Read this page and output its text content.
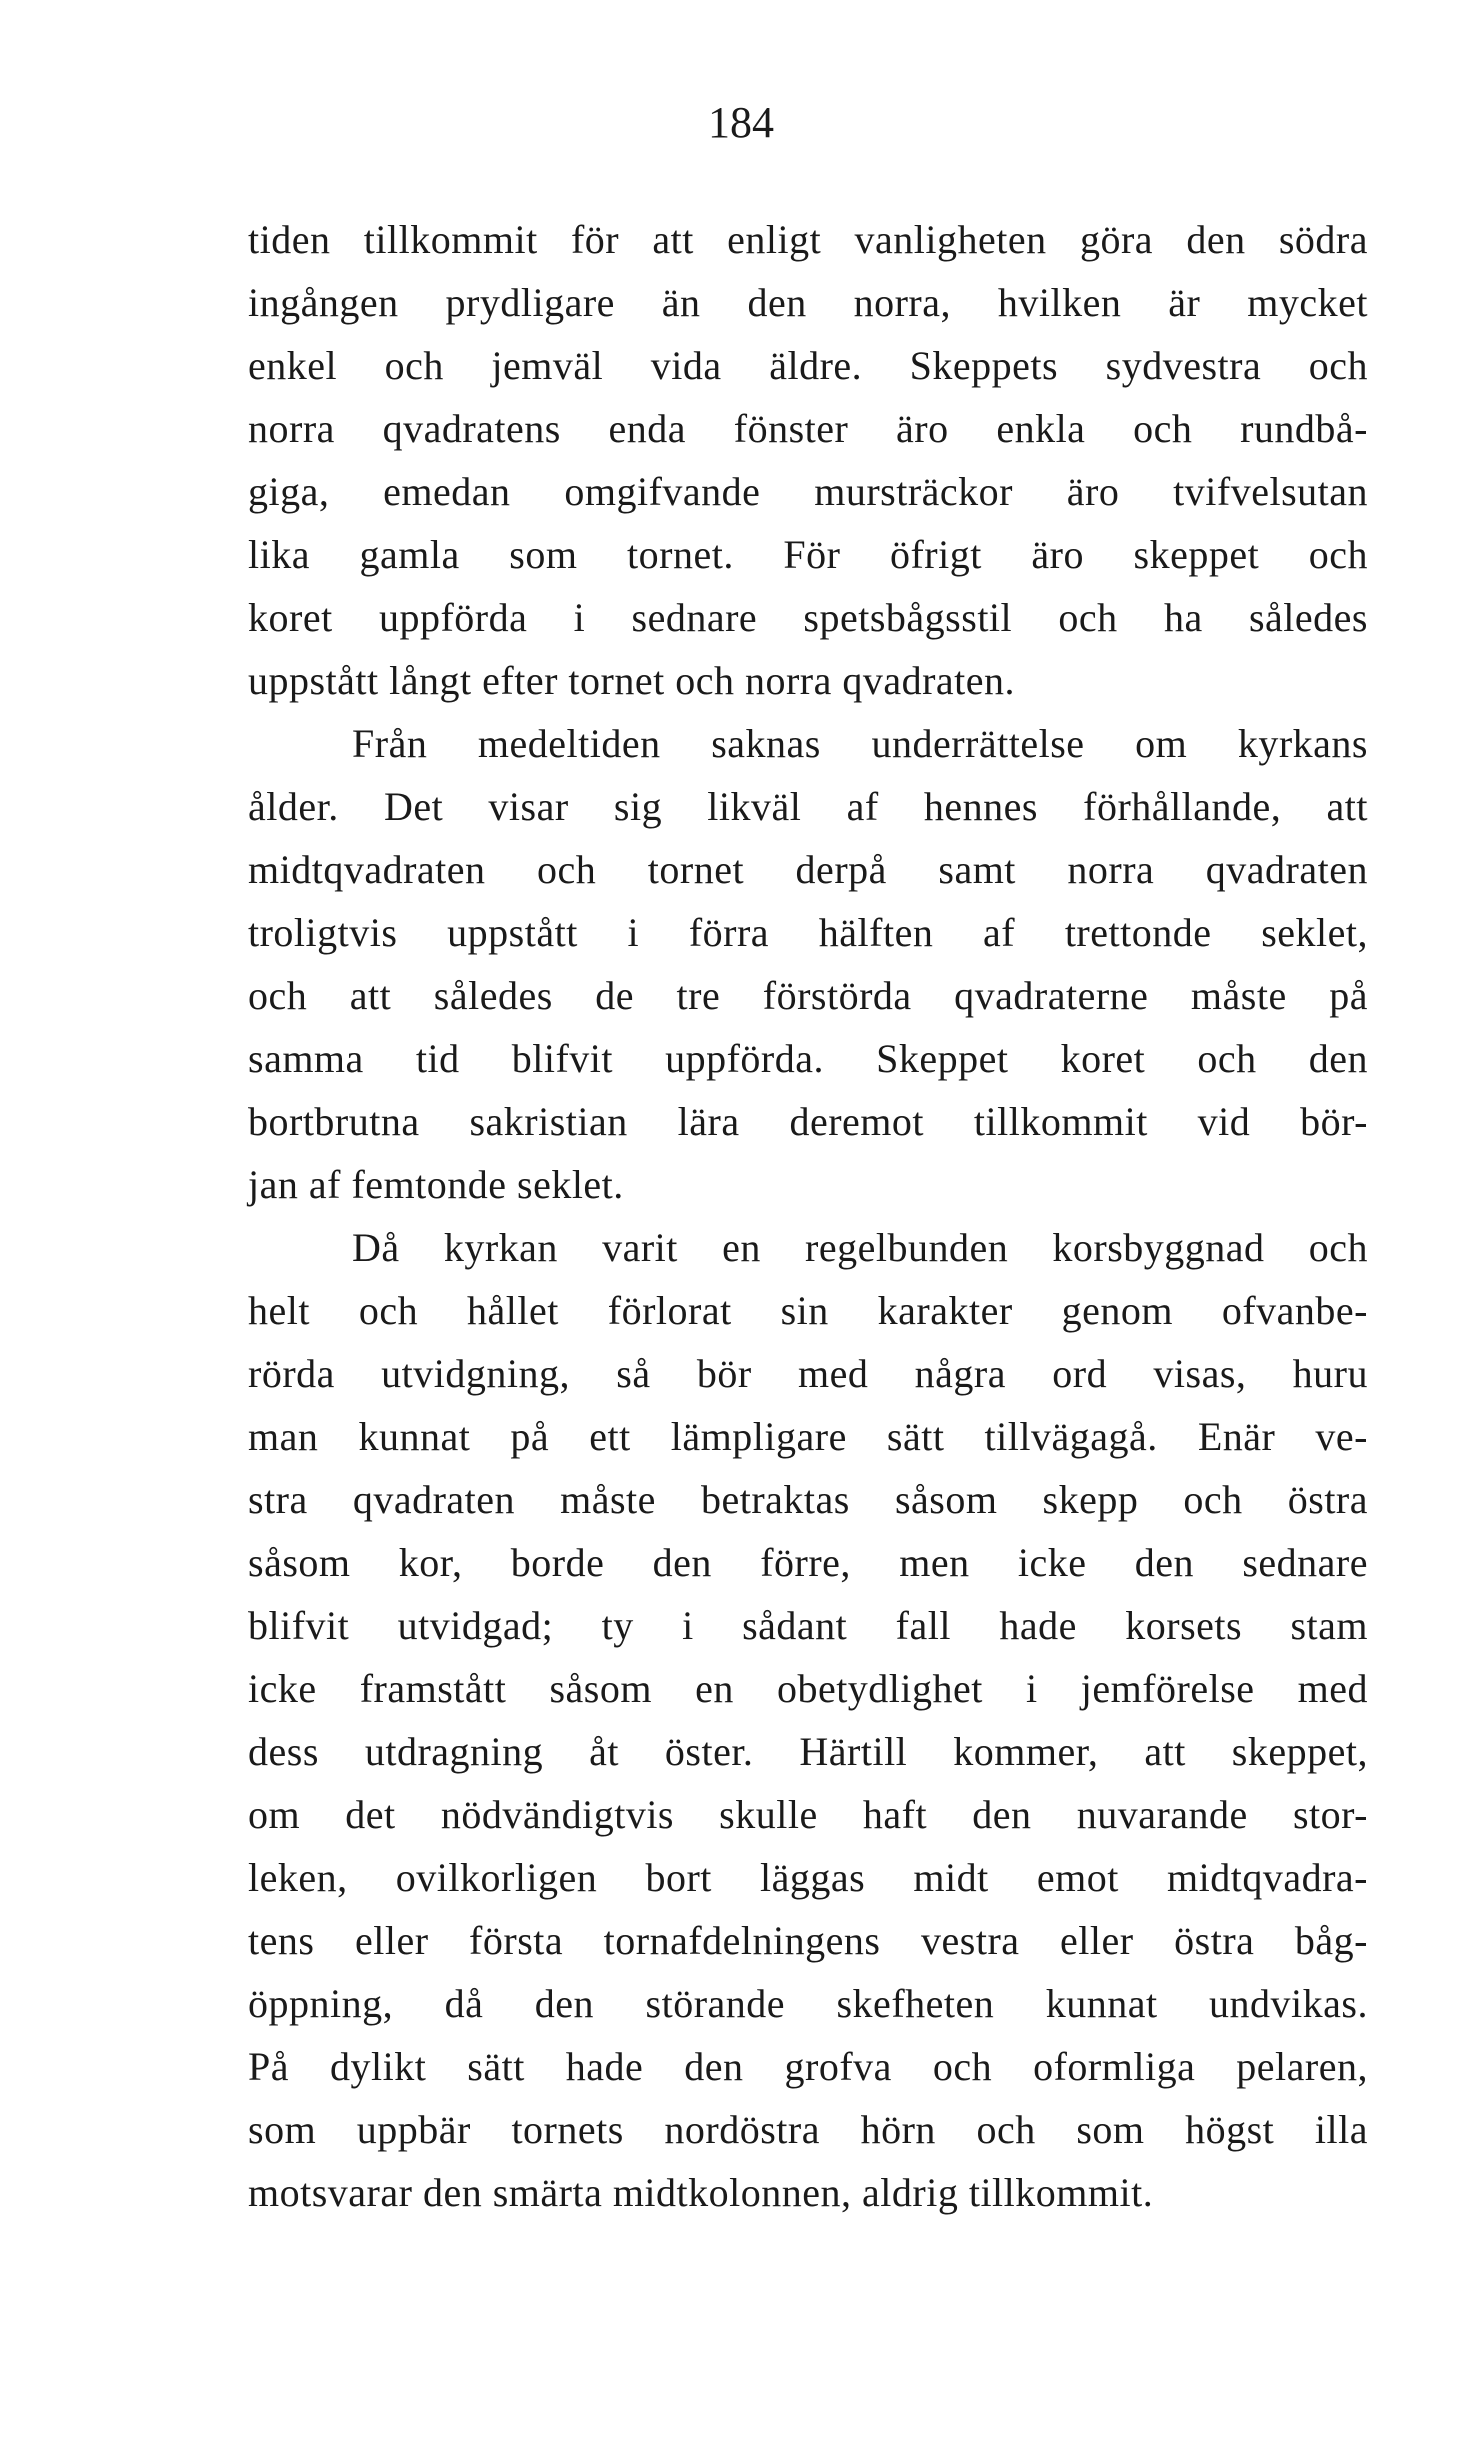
184
tiden tillkommit för att enligt vanligheten göra den södra
ingången prydligare än den norra, hvilken är mycket
enkel och jemväl vida äldre. Skeppets sydvestra och
norra qvadratens enda fönster äro enkla och rundbå-
giga, emedan omgifvande mursträckor äro tvifvelsutan
lika gamla som tornet. För öfrigt äro skeppet och
koret uppförda i sednare spetsbågsstil och ha således
uppstått långt efter tornet och norra qvadraten.
Från medeltiden saknas underrättelse om kyrkans
ålder. Det visar sig likväl af hennes förhållande, att
midtqvadraten och tornet derpå samt norra qvadraten
troligtvis uppstått i förra hälften af trettonde seklet,
och att således de tre förstörda qvadraterne måste på
samma tid blifvit uppförda. Skeppet koret och den
bortbrutna sakristian lära deremot tillkommit vid bör-
jan af femtonde seklet.
Då kyrkan varit en regelbunden korsbyggnad och
helt och hållet förlorat sin karakter genom ofvanbe-
rörda utvidgning, så bör med några ord visas, huru
man kunnat på ett lämpligare sätt tillvägagå. Enär ve-
stra qvadraten måste betraktas såsom skepp och östra
såsom kor, borde den förre, men icke den sednare
blifvit utvidgad; ty i sådant fall hade korsets stam
icke framstått såsom en obetydlighet i jemförelse med
dess utdragning åt öster. Härtill kommer, att skeppet,
om det nödvändigtvis skulle haft den nuvarande stor-
leken, ovilkorligen bort läggas midt emot midtqvadra-
tens eller första tornafdelningens vestra eller östra båg-
öppning, då den störande skefheten kunnat undvikas.
På dylikt sätt hade den grofva och oformliga pelaren,
som uppbär tornets nordöstra hörn och som högst illa
motsvarar den smärta midtkolonnen, aldrig tillkommit.
